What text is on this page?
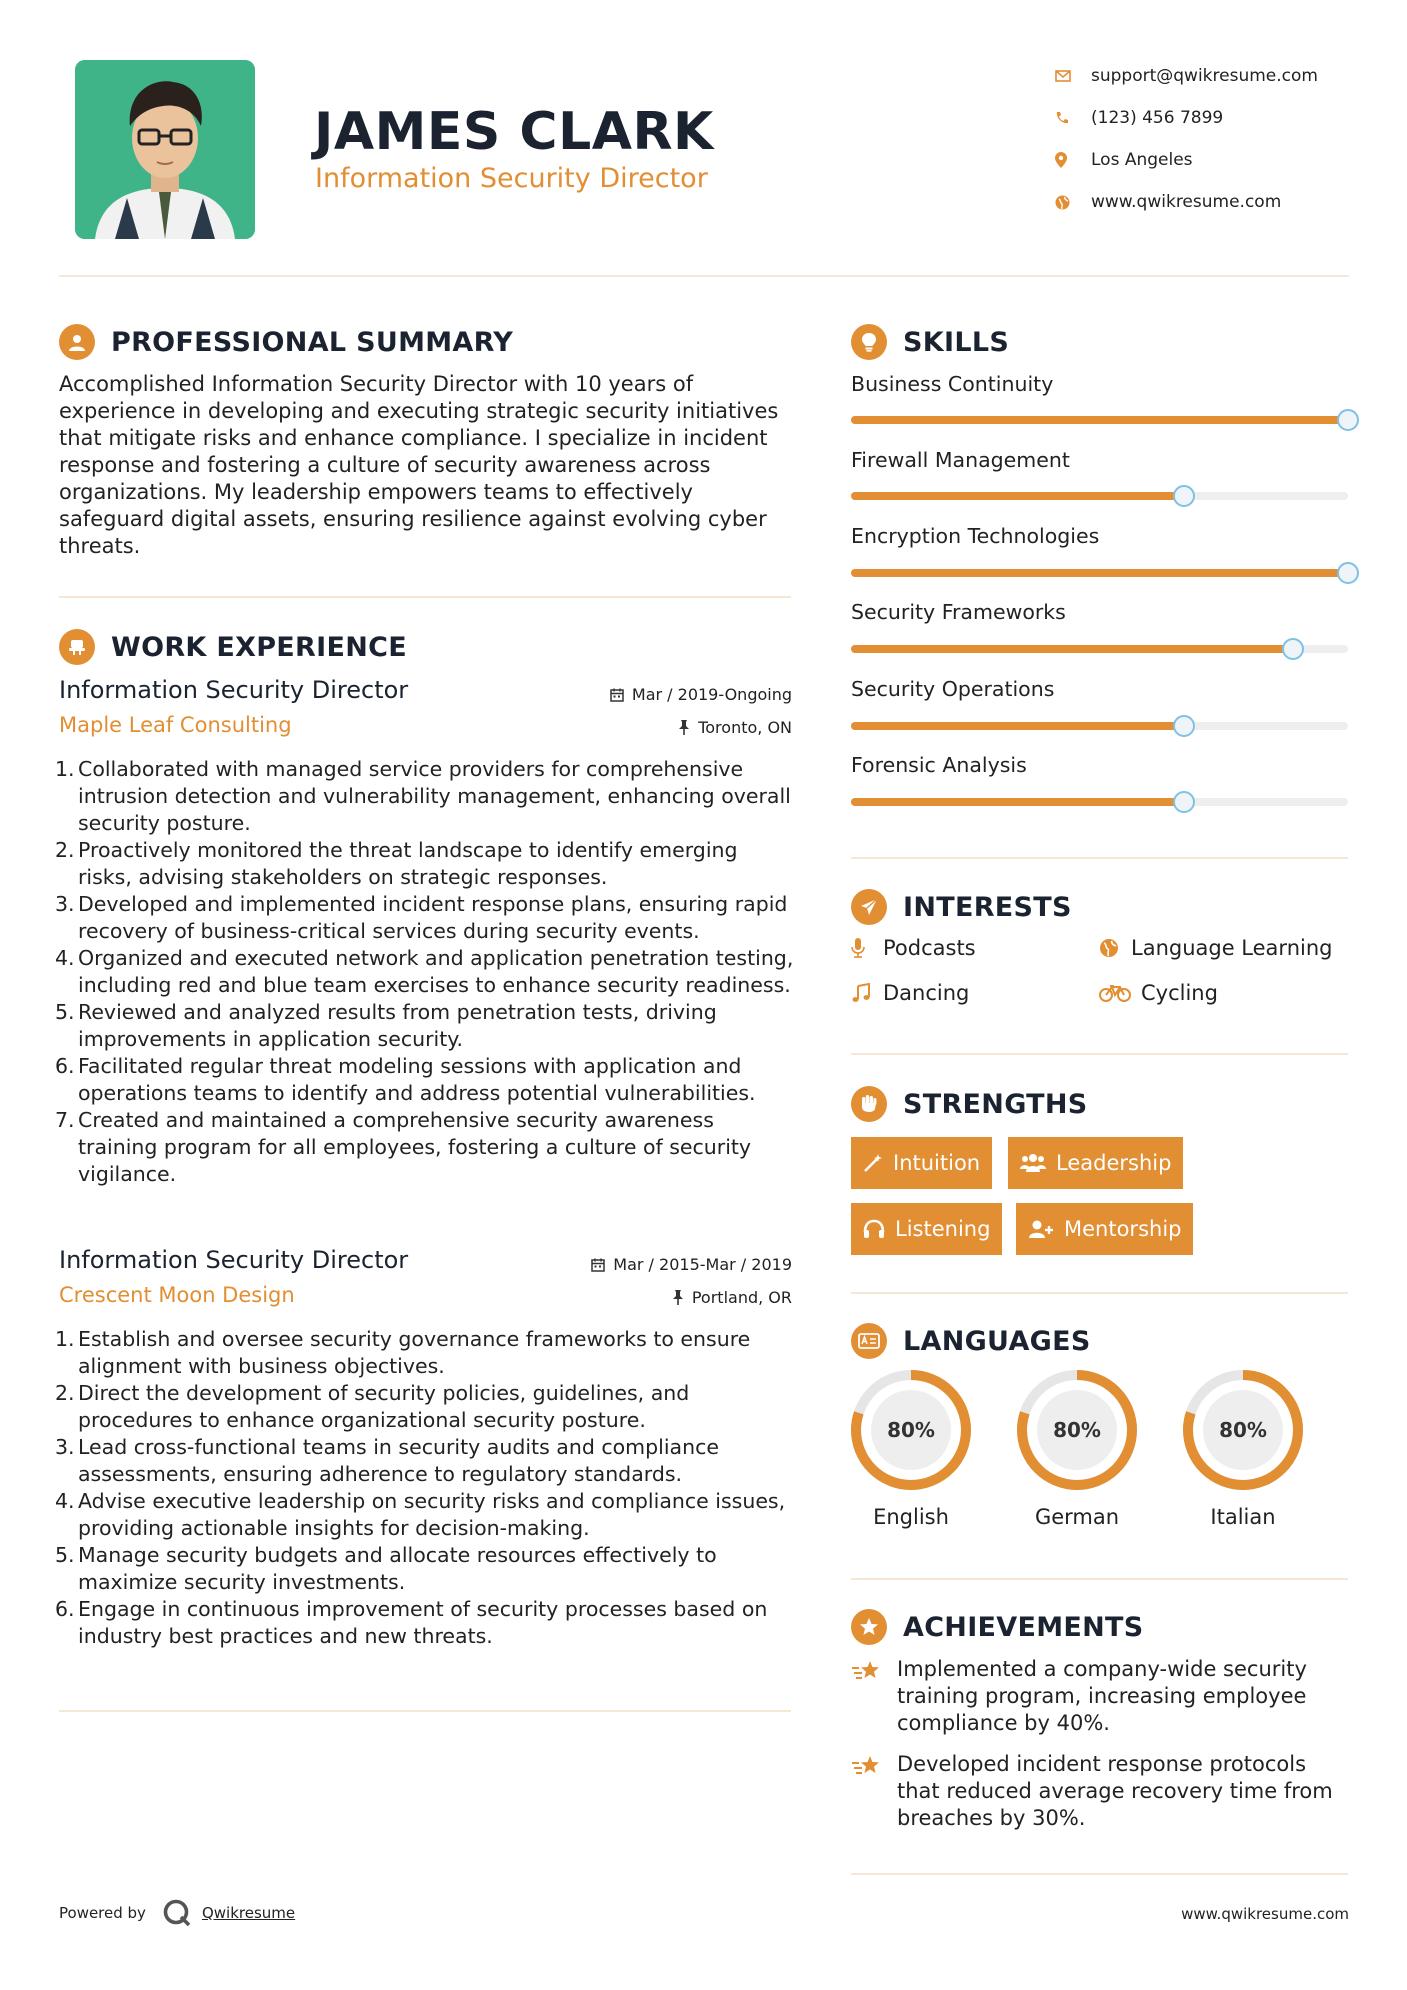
JAMES CLARK
Information Security Director
support@qwikresume.com
(123) 456 7899
Los Angeles
www.qwikresume.com
PROFESSIONAL SUMMARY
Accomplished Information Security Director with 10 years of experience in developing and executing strategic security initiatives that mitigate risks and enhance compliance. I specialize in incident response and fostering a culture of security awareness across organizations. My leadership empowers teams to effectively safeguard digital assets, ensuring resilience against evolving cyber threats.
WORK EXPERIENCE
Information Security Director
Maple Leaf Consulting
Mar / 2019-Ongoing
Toronto, ON
1. Collaborated with managed service providers for comprehensive intrusion detection and vulnerability management, enhancing overall security posture.
2. Proactively monitored the threat landscape to identify emerging risks, advising stakeholders on strategic responses.
3. Developed and implemented incident response plans, ensuring rapid recovery of business-critical services during security events.
4. Organized and executed network and application penetration testing, including red and blue team exercises to enhance security readiness.
5. Reviewed and analyzed results from penetration tests, driving improvements in application security.
6. Facilitated regular threat modeling sessions with application and operations teams to identify and address potential vulnerabilities.
7. Created and maintained a comprehensive security awareness training program for all employees, fostering a culture of security vigilance.
Information Security Director
Crescent Moon Design
Mar / 2015-Mar / 2019
Portland, OR
1. Establish and oversee security governance frameworks to ensure alignment with business objectives.
2. Direct the development of security policies, guidelines, and procedures to enhance organizational security posture.
3. Lead cross-functional teams in security audits and compliance assessments, ensuring adherence to regulatory standards.
4. Advise executive leadership on security risks and compliance issues, providing actionable insights for decision-making.
5. Manage security budgets and allocate resources effectively to maximize security investments.
6. Engage in continuous improvement of security processes based on industry best practices and new threats.
SKILLS
Business Continuity
Firewall Management
Encryption Technologies
Security Frameworks
Security Operations
Forensic Analysis
INTERESTS
Podcasts	Language Learning
Dancing	Cycling
STRENGTHS
Intuition	Leadership
Listening	Mentorship
LANGUAGES
80%	80%	80%
English	German	Italian
ACHIEVEMENTS
Implemented a company-wide security training program, increasing employee compliance by 40%.
Developed incident response protocols that reduced average recovery time from breaches by 30%.
Powered by	Qwikresume	www.qwikresume.com
